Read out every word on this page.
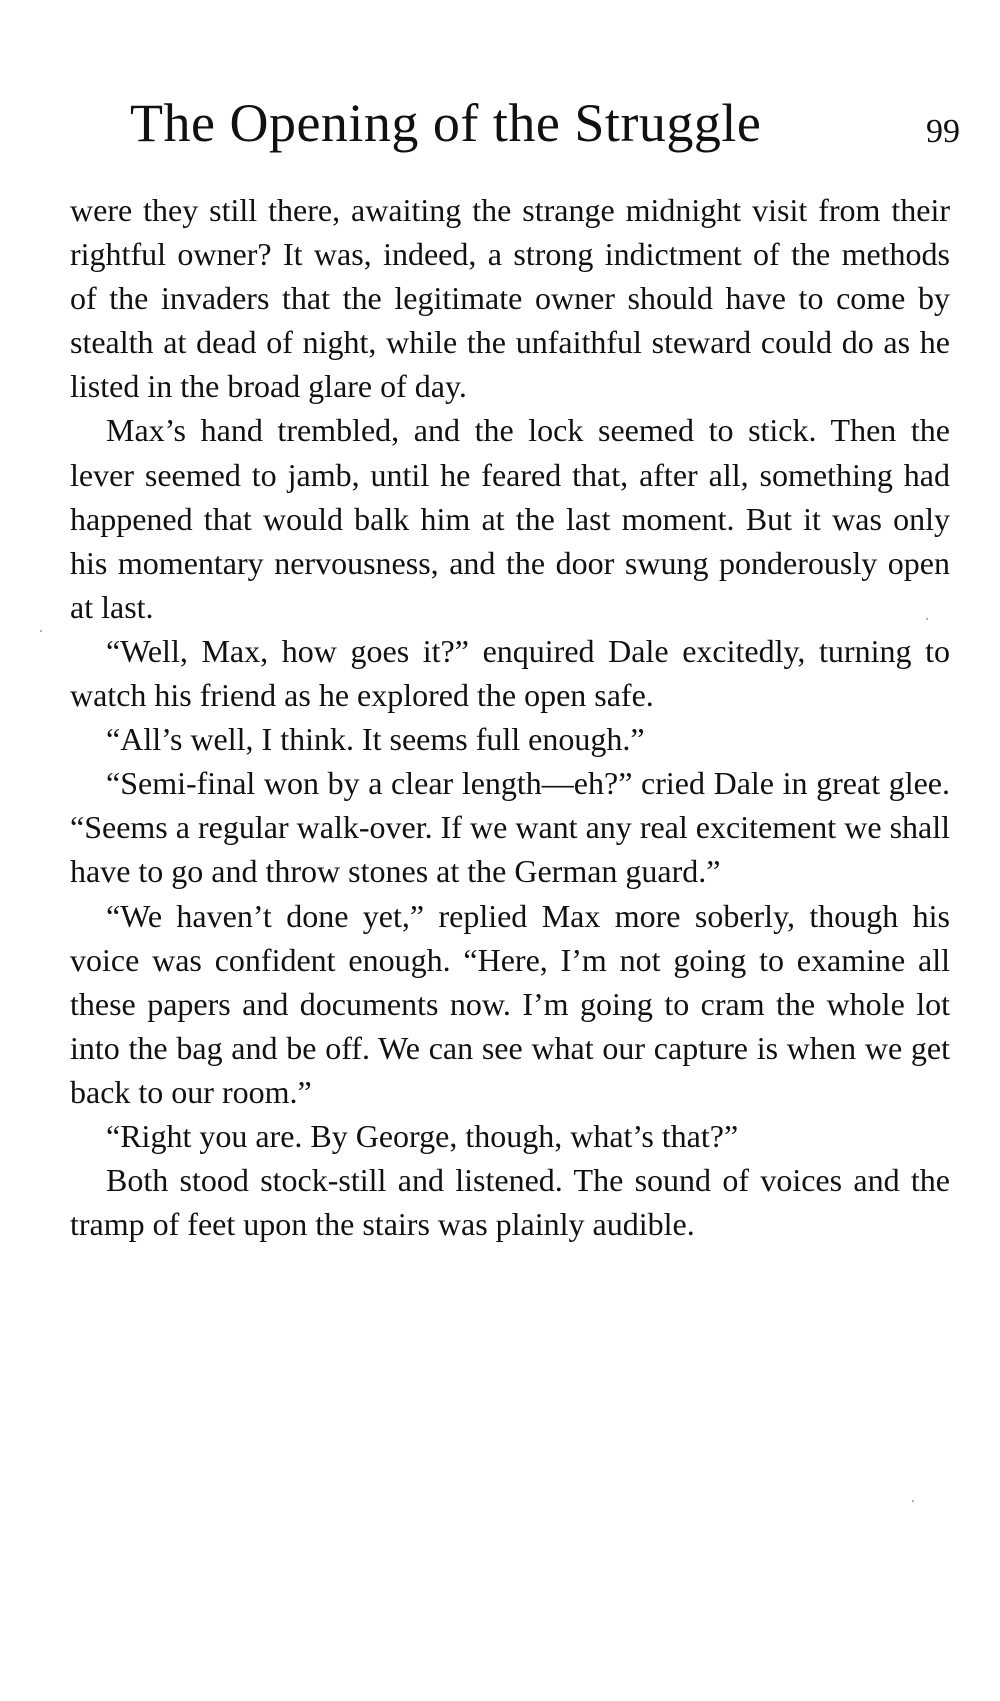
The Opening of the Struggle	99

were they still there, awaiting the strange midnight visit from their rightful owner? It was, indeed, a strong indictment of the methods of the invaders that the legitimate owner should have to come by stealth at dead of night, while the unfaithful steward could do as he listed in the broad glare of day.

Max’s hand trembled, and the lock seemed to stick. Then the lever seemed to jamb, until he feared that, after all, something had happened that would balk him at the last moment. But it was only his momentary nervousness, and the door swung ponderously open at last.

“Well, Max, how goes it?” enquired Dale excitedly, turning to watch his friend as he explored the open safe.

“All’s well, I think. It seems full enough.”

“Semi-final won by a clear length—eh?” cried Dale in great glee. “Seems a regular walk-over. If we want any real excitement we shall have to go and throw stones at the German guard.”

“We haven’t done yet,” replied Max more soberly, though his voice was confident enough. “Here, I’m not going to examine all these papers and documents now. I’m going to cram the whole lot into the bag and be off. We can see what our capture is when we get back to our room.”

“Right you are. By George, though, what’s that?”

Both stood stock-still and listened. The sound of voices and the tramp of feet upon the stairs was plainly audible.
